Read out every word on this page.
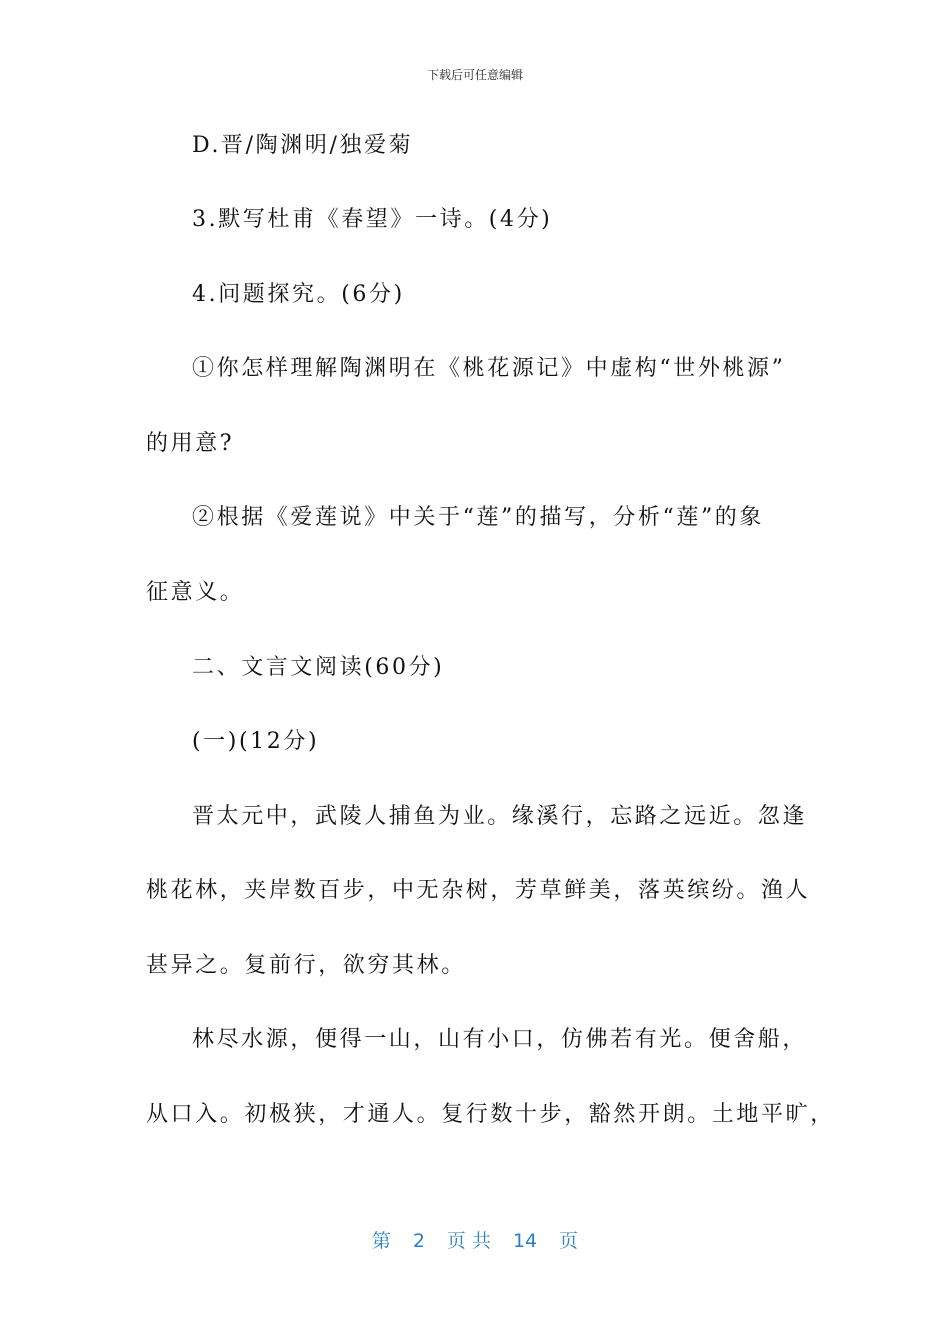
下载后可任意编辑
D.晋/陶渊明/独爱菊
3.默写杜甫《春望》一诗。(4分)
4.问题探究。(6分)
①你怎样理解陶渊明在《桃花源记》中虚构“世外桃源”
的用意?
②根据《爱莲说》中关于“莲”的描写，分析“莲”的象
征意义。
二、文言文阅读(60分)
(一)(12分)
晋太元中，武陵人捕鱼为业。缘溪行，忘路之远近。忽逢
桃花林，夹岸数百步，中无杂树，芳草鲜美，落英缤纷。渔人
甚异之。复前行，欲穷其林。
林尽水源，便得一山，山有小口，仿佛若有光。便舍船，
从口入。初极狭，才通人。复行数十步，豁然开朗。土地平旷，
第 2 页 共 14 页
